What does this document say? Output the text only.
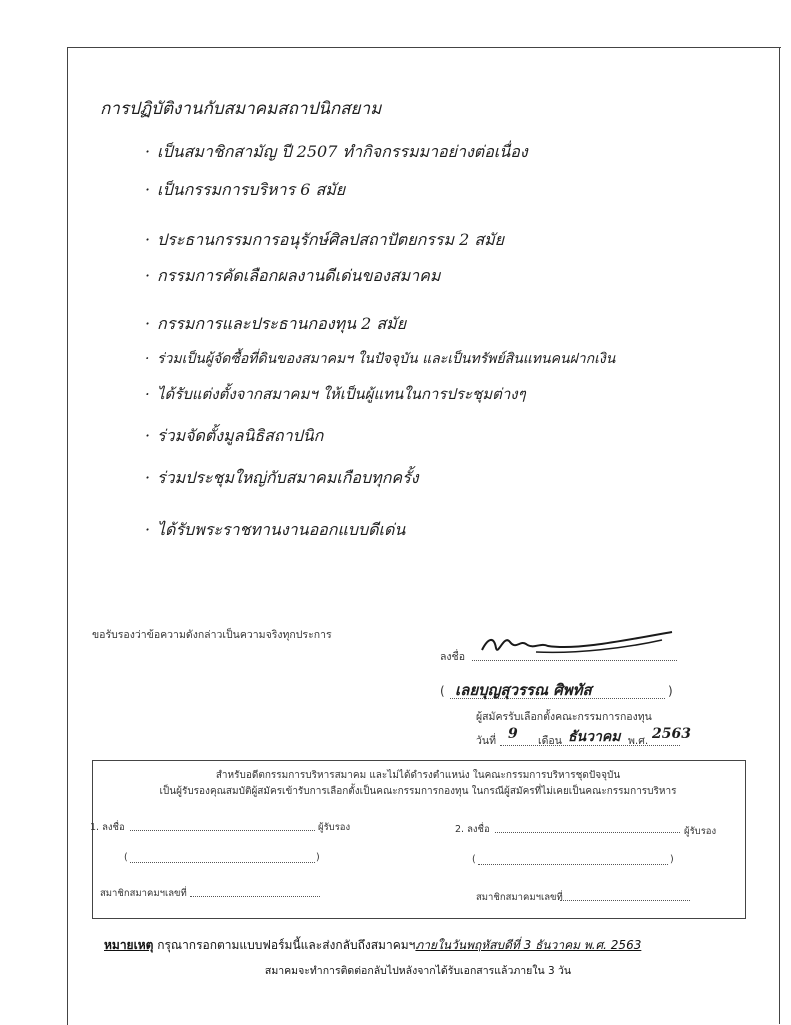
การปฏิบัติงานกับสมาคมสถาปนิกสยาม
· เป็นสมาชิกสามัญ ปี 2507 ทำกิจกรรมมาอย่างต่อเนื่อง
· เป็นกรรมการบริหาร 6 สมัย
· ประธานกรรมการอนุรักษ์ศิลปสถาปัตยกรรม 2 สมัย
· กรรมการคัดเลือกผลงานดีเด่นของสมาคม
· กรรมการและประธานกองทุน 2 สมัย
· ร่วมเป็นผู้จัดซื้อที่ดินของสมาคมฯ ในปัจจุบัน และเป็นทรัพย์สินแทนคนฝากเงิน
· ได้รับแต่งตั้งจากสมาคมฯ ให้เป็นผู้แทนในการประชุมต่างๆ
· ร่วมจัดตั้งมูลนิธิสถาปนิก
· ร่วมประชุมใหญ่กับสมาคมเกือบทุกครั้ง
· ได้รับพระราชทานงานออกแบบดีเด่น
ขอรับรองว่าข้อความดังกล่าวเป็นความจริงทุกประการ
ลงชื่อ
( เลยบุญสุวรรณ ศิพทัส	)
ผู้สมัครรับเลือกตั้งคณะกรรมการกองทุน
วันที่ 9 เดือน ธันวาคม พ.ศ. 2563
สำหรับอดีตกรรมการบริหารสมาคม และไม่ได้ดำรงตำแหน่ง ในคณะกรรมการบริหารชุดปัจจุบัน
เป็นผู้รับรองคุณสมบัติผู้สมัครเข้ารับการเลือกตั้งเป็นคณะกรรมการกองทุน ในกรณีผู้สมัครที่ไม่เคยเป็นคณะกรรมการบริหาร
1. ลงชื่อ	ผู้รับรอง
(	)
สมาชิกสมาคมฯเลขที่
2. ลงชื่อ	ผู้รับรอง
(	)
สมาชิกสมาคมฯเลขที่
หมายเหตุ กรุณากรอกตามแบบฟอร์มนี้และส่งกลับถึงสมาคมฯภายในวันพฤหัสบดีที่ 3 ธันวาคม พ.ศ. 2563
สมาคมจะทำการติดต่อกลับไปหลังจากได้รับเอกสารแล้วภายใน 3 วัน
